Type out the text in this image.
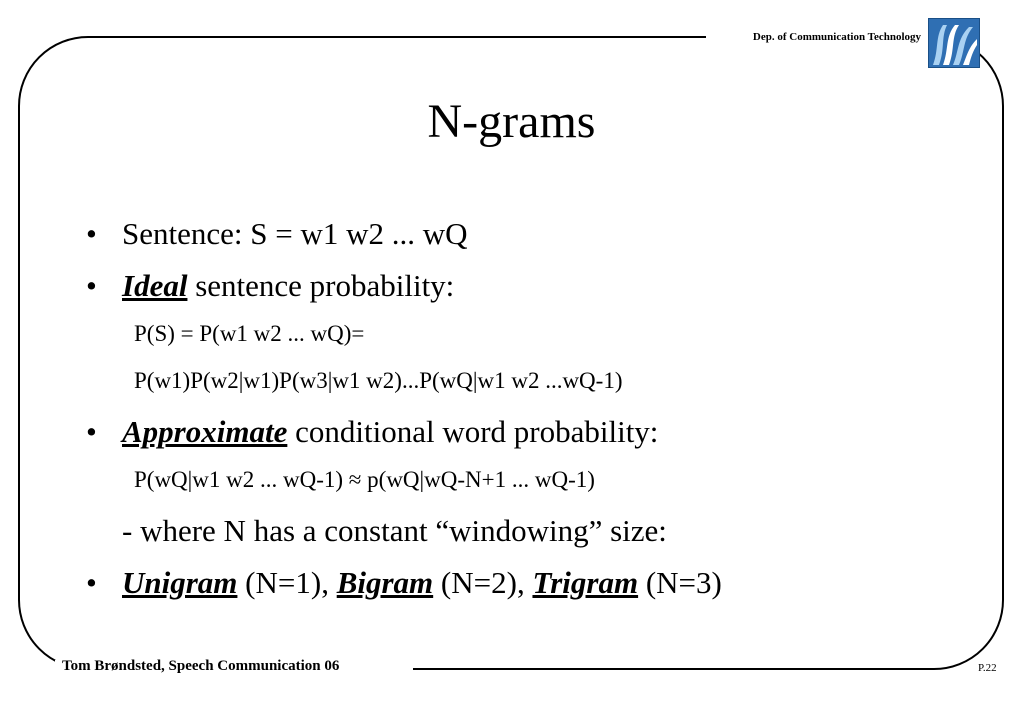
Dep. of Communication Technology
N-grams
• Sentence: S = w1 w2 ... wQ
• Ideal sentence probability:
P(S) = P(w1 w2 ... wQ)=
P(w1)P(w2|w1)P(w3|w1 w2)...P(wQ|w1 w2 ...wQ-1)
• Approximate conditional word probability:
P(wQ|w1 w2 ... wQ-1) ≈ p(wQ|wQ-N+1 ... wQ-1)
- where N has a constant “windowing” size:
• Unigram (N=1), Bigram (N=2), Trigram (N=3)
Tom Brøndsted, Speech Communication 06	P.22
